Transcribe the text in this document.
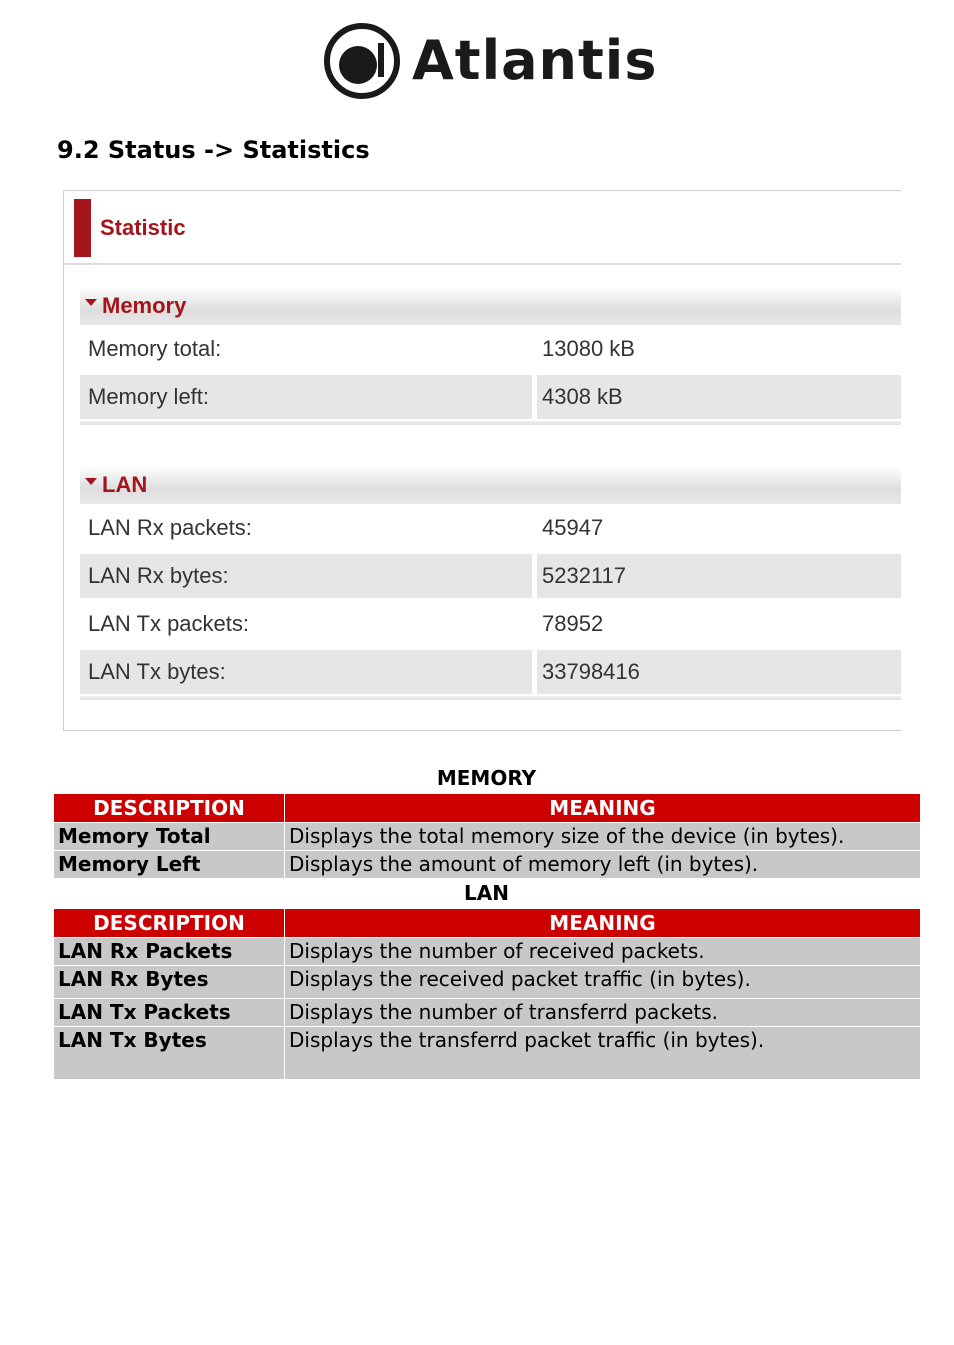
Atlantis
9.2 Status -> Statistics
Statistic
Memory
Memory total:	13080 kB
Memory left:	4308 kB
LAN
LAN Rx packets:	45947
LAN Rx bytes:	5232117
LAN Tx packets:	78952
LAN Tx bytes:	33798416
MEMORY
DESCRIPTION	MEANING
Memory Total	Displays the total memory size of the device (in bytes).
Memory Left	Displays the amount of memory left (in bytes).
LAN
DESCRIPTION	MEANING
LAN Rx Packets	Displays the number of received packets.
LAN Rx Bytes	Displays the received packet traffic (in bytes).
LAN Tx Packets	Displays the number of transferrd packets.
LAN Tx Bytes	Displays the transferrd packet traffic (in bytes).
